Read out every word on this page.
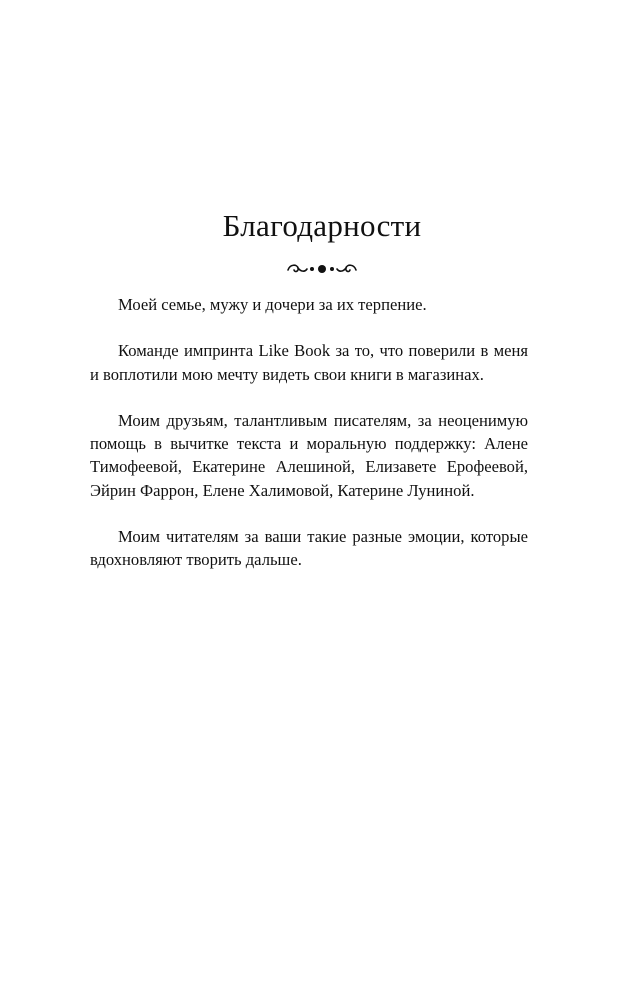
Благодарности

Моей семье, мужу и дочери за их терпение.

Команде импринта Like Book за то, что поверили в меня и воплотили мою мечту видеть свои книги в магазинах.

Моим друзьям, талантливым писателям, за неоценимую помощь в вычитке текста и моральную поддержку: Алене Тимофеевой, Екатерине Алешиной, Елизавете Ерофеевой, Эйрин Фаррон, Елене Халимовой, Катерине Луниной.

Моим читателям за ваши такие разные эмоции, которые вдохновляют творить дальше.
